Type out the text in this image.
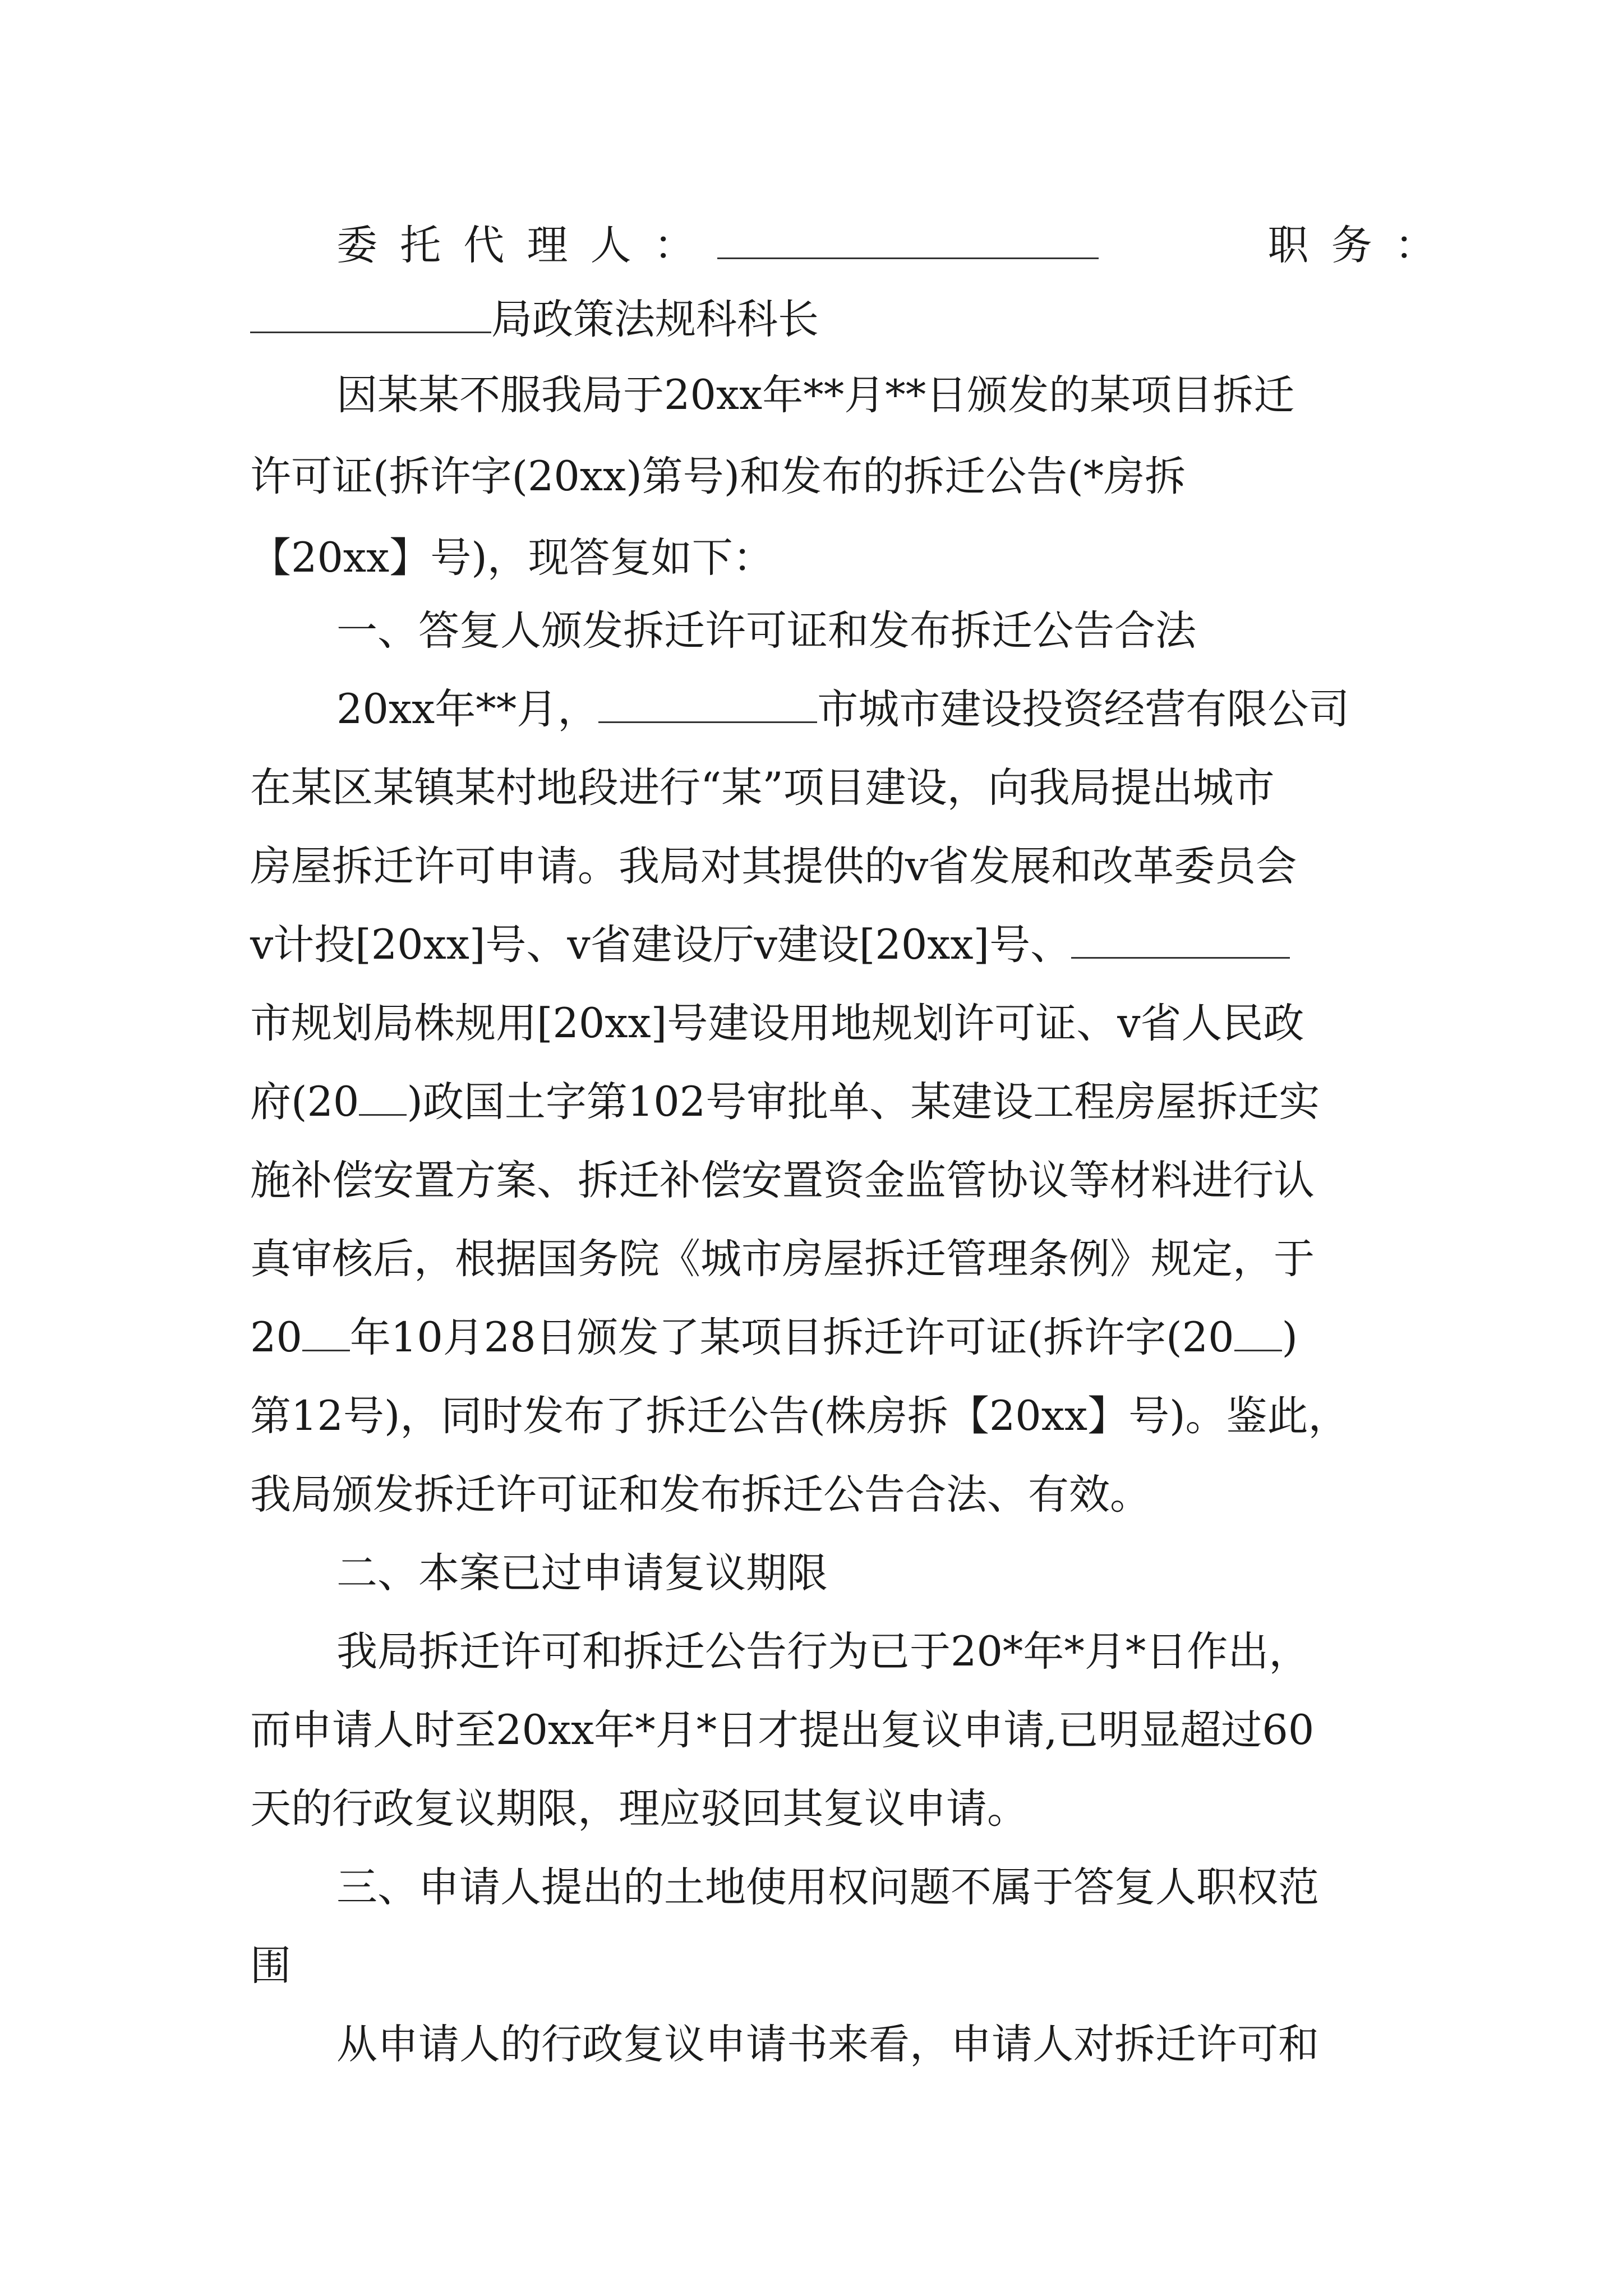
委托代理人：	职务：
局政策法规科科长
因某某不服我局于20xx年**月**日颁发的某项目拆迁
许可证(拆许字(20xx)第号)和发布的拆迁公告(*房拆
【20xx】号)，现答复如下：
一、答复人颁发拆迁许可证和发布拆迁公告合法
20xx年**月，	市城市建设投资经营有限公司
在某区某镇某村地段进行“某”项目建设，向我局提出城市
房屋拆迁许可申请。我局对其提供的v省发展和改革委员会
v计投[20xx]号、v省建设厅v建设[20xx]号、
市规划局株规用[20xx]号建设用地规划许可证、v省人民政
府(20 )政国土字第102号审批单、某建设工程房屋拆迁实
施补偿安置方案、拆迁补偿安置资金监管协议等材料进行认
真审核后，根据国务院《城市房屋拆迁管理条例》规定，于
20 年10月28日颁发了某项目拆迁许可证(拆许字(20 )
第12号)，同时发布了拆迁公告(株房拆【20xx】号)。鉴此，
我局颁发拆迁许可证和发布拆迁公告合法、有效。
二、本案已过申请复议期限
我局拆迁许可和拆迁公告行为已于20*年*月*日作出，
而申请人时至20xx年*月*日才提出复议申请,已明显超过60
天的行政复议期限，理应驳回其复议申请。
三、申请人提出的土地使用权问题不属于答复人职权范
围
从申请人的行政复议申请书来看，申请人对拆迁许可和
